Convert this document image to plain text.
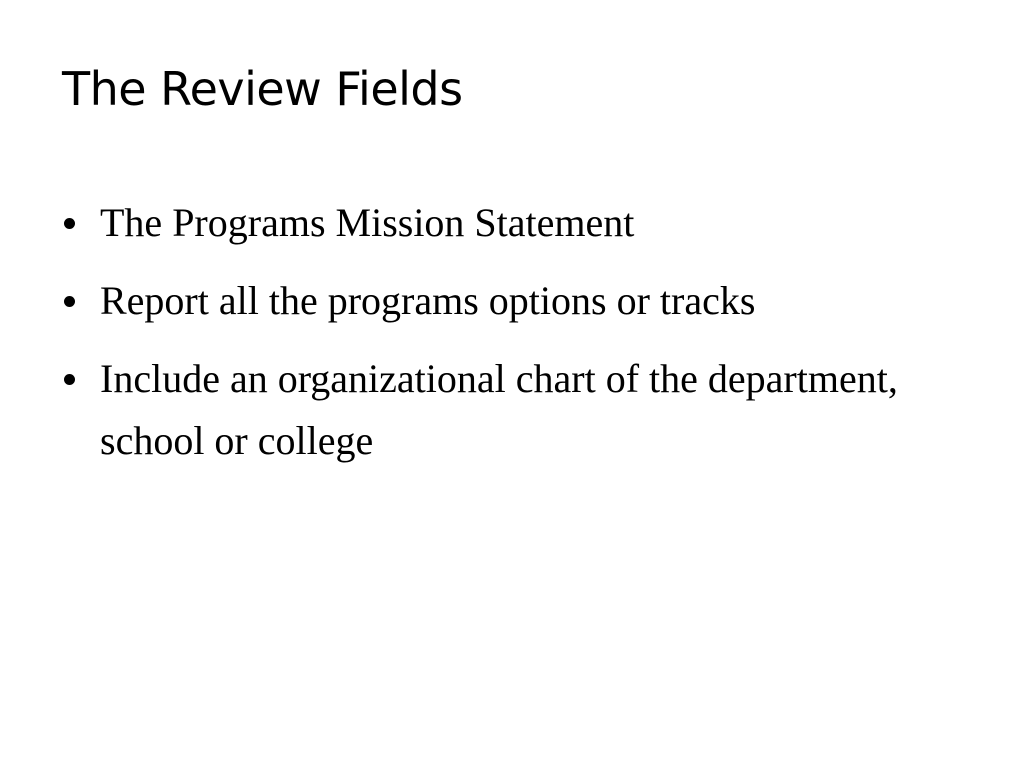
The Review Fields
The Programs Mission Statement
Report all the programs options or tracks
Include an organizational chart of the department, school or college
